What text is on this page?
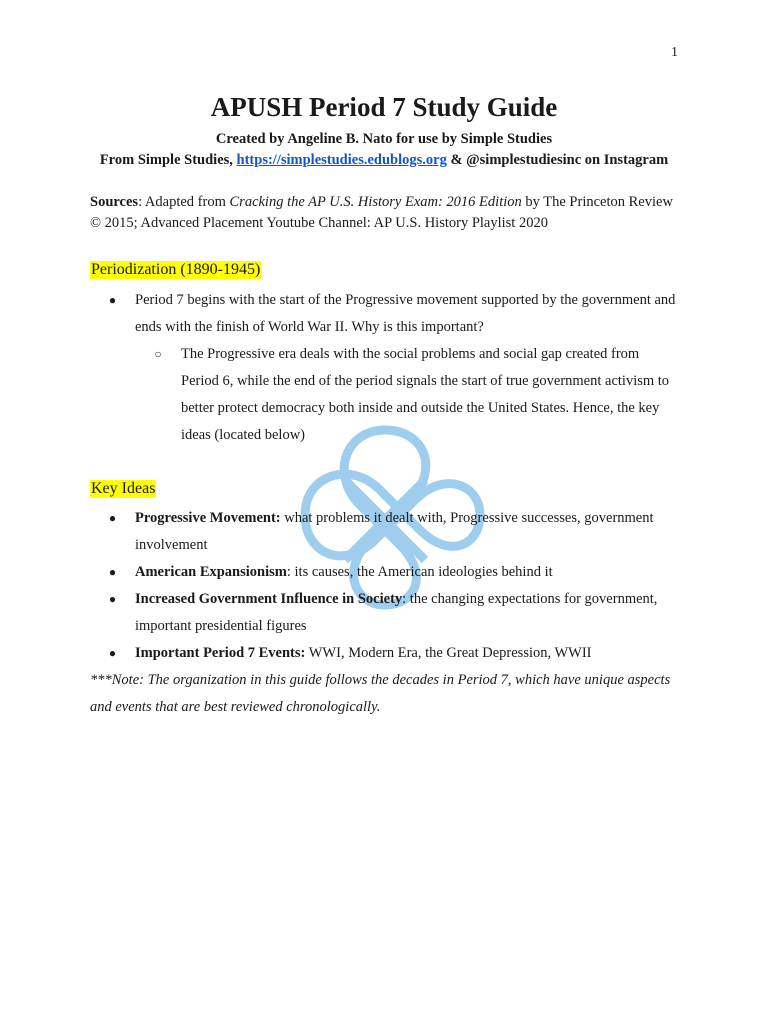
1
APUSH Period 7 Study Guide
Created by Angeline B. Nato for use by Simple Studies
From Simple Studies, https://simplestudies.edublogs.org & @simplestudiesinc on Instagram
Sources: Adapted from Cracking the AP U.S. History Exam: 2016 Edition by The Princeton Review © 2015; Advanced Placement Youtube Channel: AP U.S. History Playlist 2020
Periodization (1890-1945)
●	Period 7 begins with the start of the Progressive movement supported by the government and ends with the finish of World War II. Why is this important?
○	The Progressive era deals with the social problems and social gap created from Period 6, while the end of the period signals the start of true government activism to better protect democracy both inside and outside the United States. Hence, the key ideas (located below)
Key Ideas
●	Progressive Movement: what problems it dealt with, Progressive successes, government involvement
●	American Expansionism: its causes, the American ideologies behind it
●	Increased Government Influence in Society: the changing expectations for government, important presidential figures
●	Important Period 7 Events: WWI, Modern Era, the Great Depression, WWII
***Note: The organization in this guide follows the decades in Period 7, which have unique aspects and events that are best reviewed chronologically.
